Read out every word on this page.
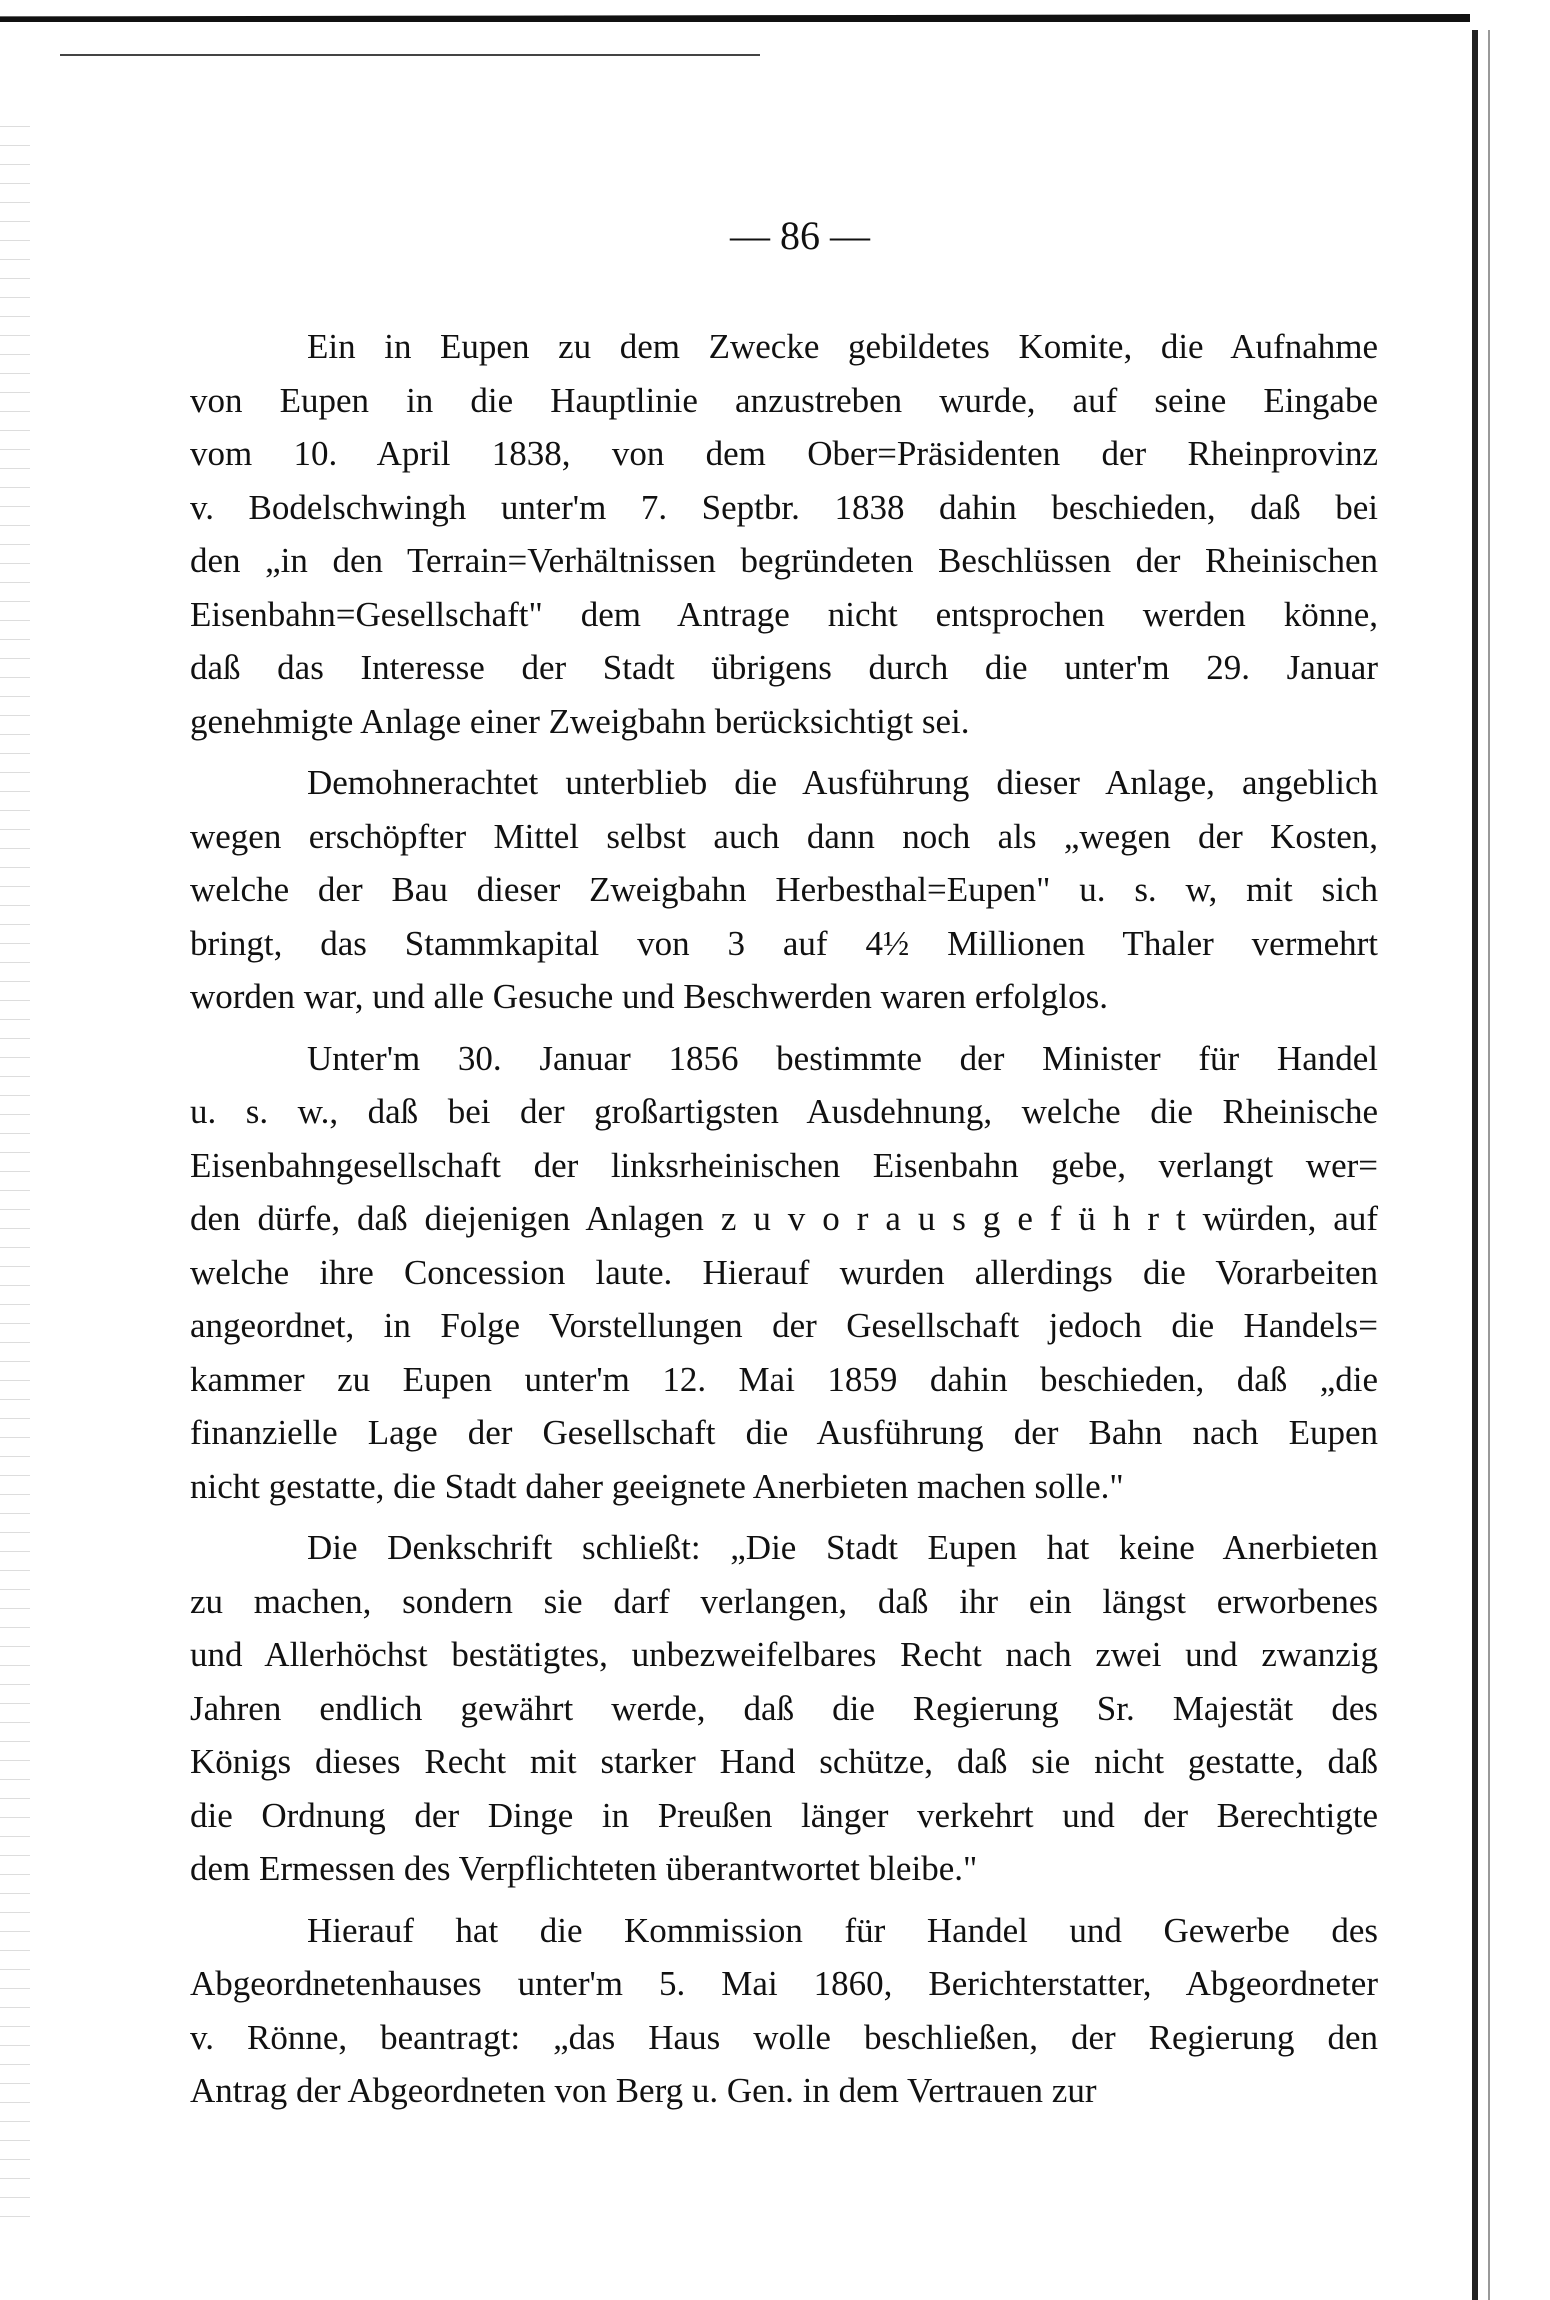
— 86 —
Ein in Eupen zu dem Zwecke gebildetes Komite, die Aufnahme
von Eupen in die Hauptlinie anzustreben wurde, auf seine Eingabe
vom 10. April 1838, von dem Ober=Präsidenten der Rheinprovinz
v. Bodelschwingh unter'm 7. Septbr. 1838 dahin beschieden, daß bei
den „in den Terrain=Verhältnissen begründeten Beschlüssen der Rheinischen
Eisenbahn=Gesellschaft" dem Antrage nicht entsprochen werden könne,
daß das Interesse der Stadt übrigens durch die unter'm 29. Januar
genehmigte Anlage einer Zweigbahn berücksichtigt sei.
Demohnerachtet unterblieb die Ausführung dieser Anlage, angeblich
wegen erschöpfter Mittel selbst auch dann noch als „wegen der Kosten,
welche der Bau dieser Zweigbahn Herbesthal=Eupen" u. s. w, mit sich
bringt, das Stammkapital von 3 auf 4½ Millionen Thaler vermehrt
worden war, und alle Gesuche und Beschwerden waren erfolglos.
Unter'm 30. Januar 1856 bestimmte der Minister für Handel
u. s. w., daß bei der großartigsten Ausdehnung, welche die Rheinische
Eisenbahngesellschaft der linksrheinischen Eisenbahn gebe, verlangt wer=
den dürfe, daß diejenigen Anlagen z u v o r a u s g e f ü h r t würden, auf
welche ihre Concession laute. Hierauf wurden allerdings die Vorarbeiten
angeordnet, in Folge Vorstellungen der Gesellschaft jedoch die Handels=
kammer zu Eupen unter'm 12. Mai 1859 dahin beschieden, daß „die
finanzielle Lage der Gesellschaft die Ausführung der Bahn nach Eupen
nicht gestatte, die Stadt daher geeignete Anerbieten machen solle."
Die Denkschrift schließt: „Die Stadt Eupen hat keine Anerbieten
zu machen, sondern sie darf verlangen, daß ihr ein längst erworbenes
und Allerhöchst bestätigtes, unbezweifelbares Recht nach zwei und zwanzig
Jahren endlich gewährt werde, daß die Regierung Sr. Majestät des
Königs dieses Recht mit starker Hand schütze, daß sie nicht gestatte, daß
die Ordnung der Dinge in Preußen länger verkehrt und der Berechtigte
dem Ermessen des Verpflichteten überantwortet bleibe."
Hierauf hat die Kommission für Handel und Gewerbe des
Abgeordnetenhauses unter'm 5. Mai 1860, Berichterstatter, Abgeordneter
v. Rönne, beantragt: „das Haus wolle beschließen, der Regierung den
Antrag der Abgeordneten von Berg u. Gen. in dem Vertrauen zur
